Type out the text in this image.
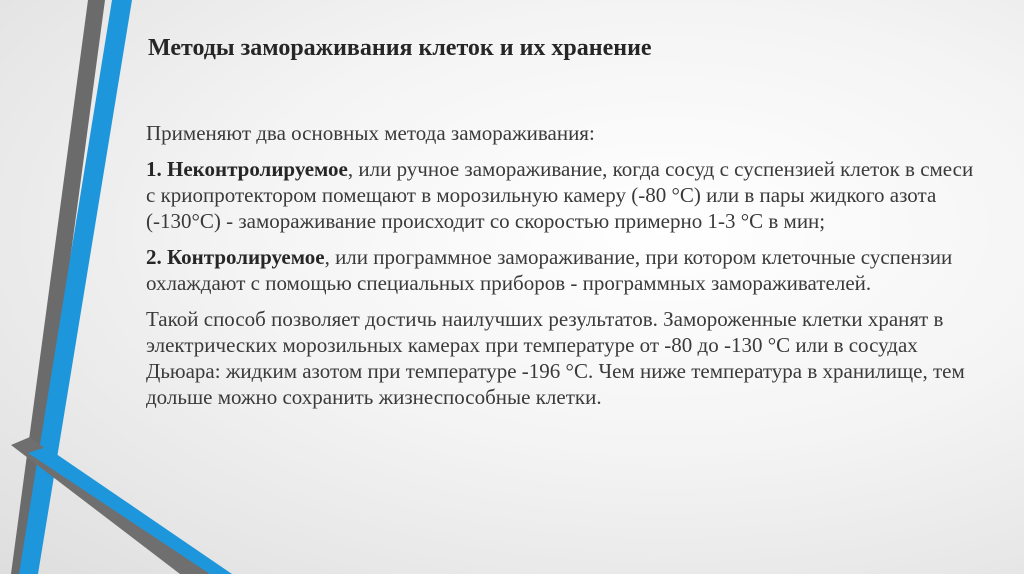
Методы замораживания клеток и их хранение

Применяют два основных метода замораживания:

1. Неконтролируемое, или ручное замораживание, когда сосуд с суспензией клеток в смеси с криопротектором помещают в морозильную камеру (-80 °С) или в пары жидкого азота (-130°С) - замораживание происходит со скоростью примерно 1-3 °С в мин;

2. Контролируемое, или программное замораживание, при котором клеточные суспензии охлаждают с помощью специальных приборов - программных замораживателей.

Такой способ позволяет достичь наилучших результатов. Замороженные клетки хранят в электрических морозильных камерах при температуре от -80 до -130 °С или в сосудах Дьюара: жидким азотом при температуре -196 °С. Чем ниже температура в хранилище, тем дольше можно сохранить жизнеспособные клетки.
